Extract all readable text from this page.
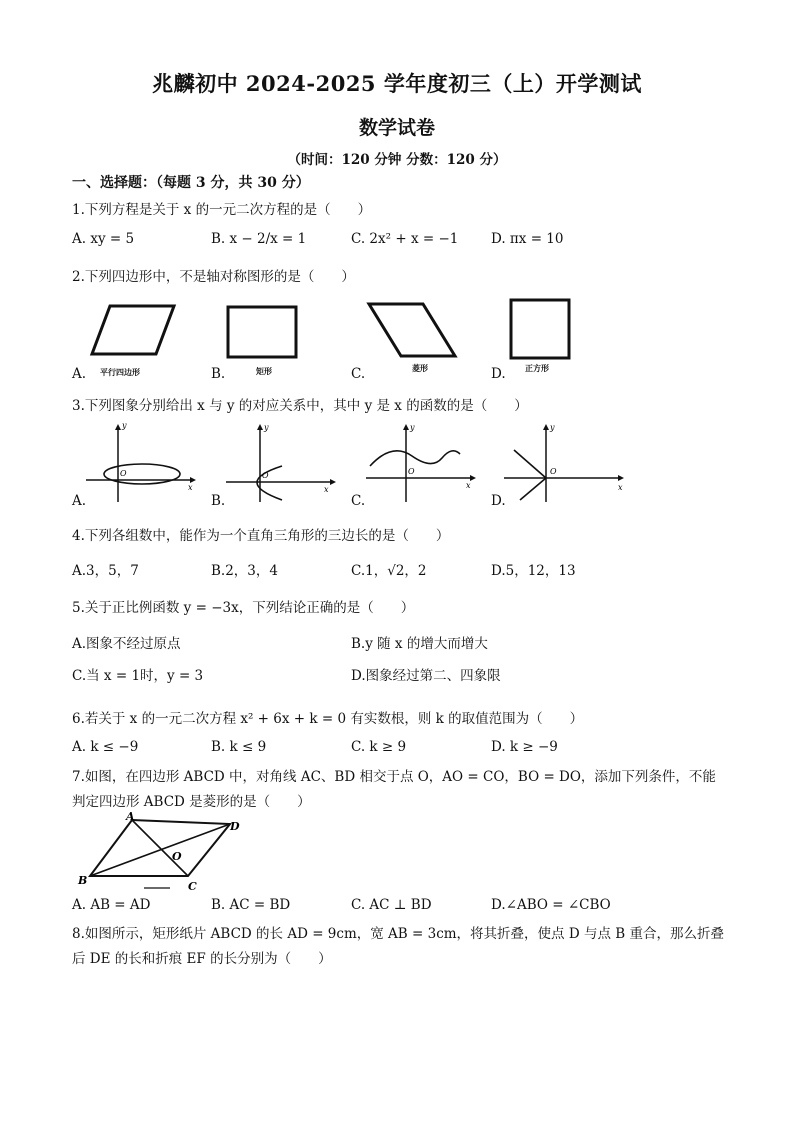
兆麟初中 2024-2025 学年度初三（上）开学测试
数学试卷
（时间：120 分钟 分数：120 分）
一、选择题：（每题 3 分，共 30 分）
1.下列方程是关于 x 的一元二次方程的是（　　）
A. xy = 5	B. x − 2/x = 1	C. 2x² + x = −1 D. πx = 10
2.下列四边形中，不是轴对称图形的是（　　）
A. 平行四边形	B.	矩形	C.	菱形	D. 正方形
3.下列图象分别给出 x 与 y 的对应关系中，其中 y 是 x 的函数的是（　　）
y
O
x
y
O
x
y
O
x
y
O
x
A.	B.	C.	D.
4.下列各组数中，能作为一个直角三角形的三边长的是（　　）
A.3，5，7	B.2，3，4	C.1，√2，2	D.5，12，13
5.关于正比例函数 y = −3x，下列结论正确的是（　　）
A.图象不经过原点	B.y 随 x 的增大而增大
C.当 x = 1时，y = 3	D.图象经过第二、四象限
6.若关于 x 的一元二次方程 x² + 6x + k = 0 有实数根，则 k 的取值范围为（　　）
A. k ≤ −9	B. k ≤ 9	C. k ≥ 9	D. k ≥ −9
7.如图，在四边形 ABCD 中，对角线 AC、BD 相交于点 O，AO = CO，BO = DO，添加下列条件，不能
判定四边形 ABCD 是菱形的是（　　）
A
B	C
D
O
A. AB = AD	B. AC = BD	C. AC ⊥ BD	D.∠ABO = ∠CBO
8.如图所示，矩形纸片 ABCD 的长 AD = 9cm，宽 AB = 3cm，将其折叠，使点 D 与点 B 重合，那么折叠
后 DE 的长和折痕 EF 的长分别为（　　）
